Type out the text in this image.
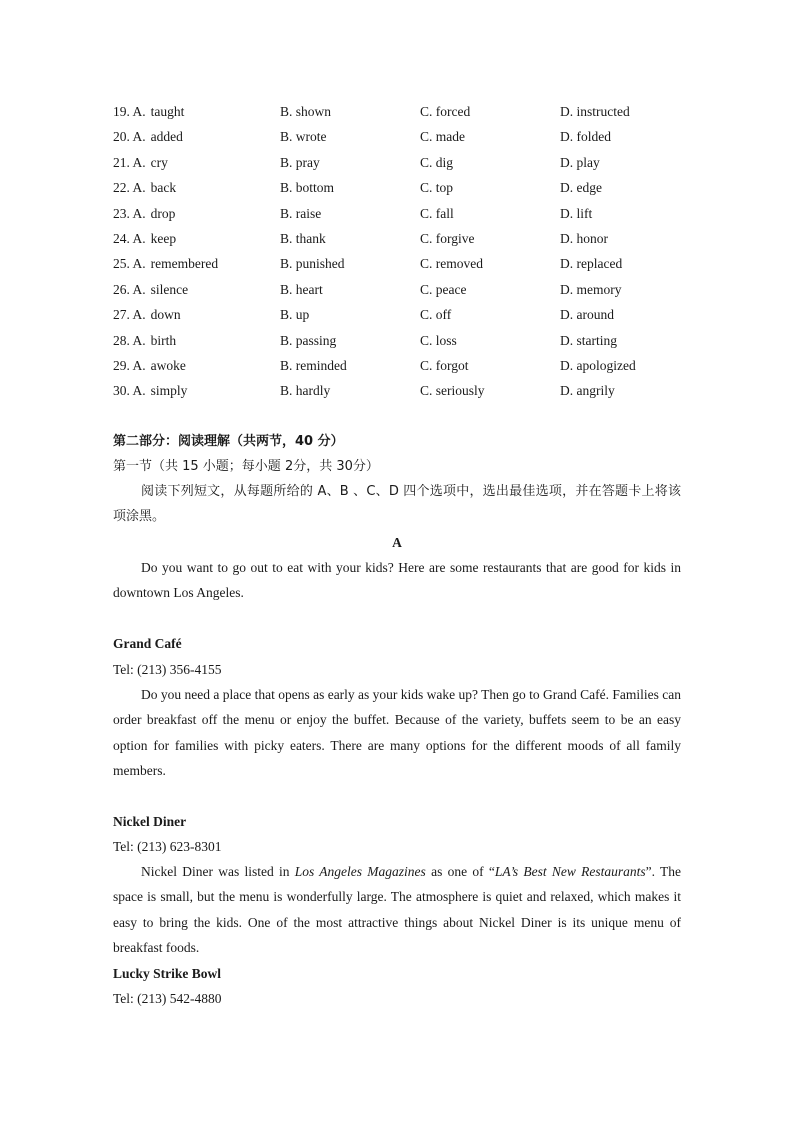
19. A. taught	B. shown	C. forced	D. instructed
20. A. added	B. wrote	C. made	D. folded
21. A. cry	B. pray	C. dig	D. play
22. A. back	B. bottom	C. top	D. edge
23. A. drop	B. raise	C. fall	D. lift
24. A. keep	B. thank	C. forgive	D. honor
25. A. remembered	B. punished	C. removed	D. replaced
26. A. silence	B. heart	C. peace	D. memory
27. A. down	B. up	C. off	D. around
28. A. birth	B. passing	C. loss	D. starting
29. A. awoke	B. reminded	C. forgot	D. apologized
30. A. simply	B. hardly	C. seriously	D. angrily
第二部分：阅读理解（共两节，40 分）
第一节（共 15 小题；每小题 2分，共 30分）
阅读下列短文，从每题所给的 A、B 、C、D 四个选项中，选出最佳选项，并在答题卡上将该项涂黑。
A
Do you want to go out to eat with your kids? Here are some restaurants that are good for kids in downtown Los Angeles.
Grand Café
Tel: (213) 356-4155
Do you need a place that opens as early as your kids wake up? Then go to Grand Café. Families can order breakfast off the menu or enjoy the buffet. Because of the variety, buffets seem to be an easy option for families with picky eaters. There are many options for the different moods of all family members.
Nickel Diner
Tel: (213) 623-8301
Nickel Diner was listed in Los Angeles Magazines as one of “LA’s Best New Restaurants”. The space is small, but the menu is wonderfully large. The atmosphere is quiet and relaxed, which makes it easy to bring the kids. One of the most attractive things about Nickel Diner is its unique menu of breakfast foods.
Lucky Strike Bowl
Tel: (213) 542-4880
